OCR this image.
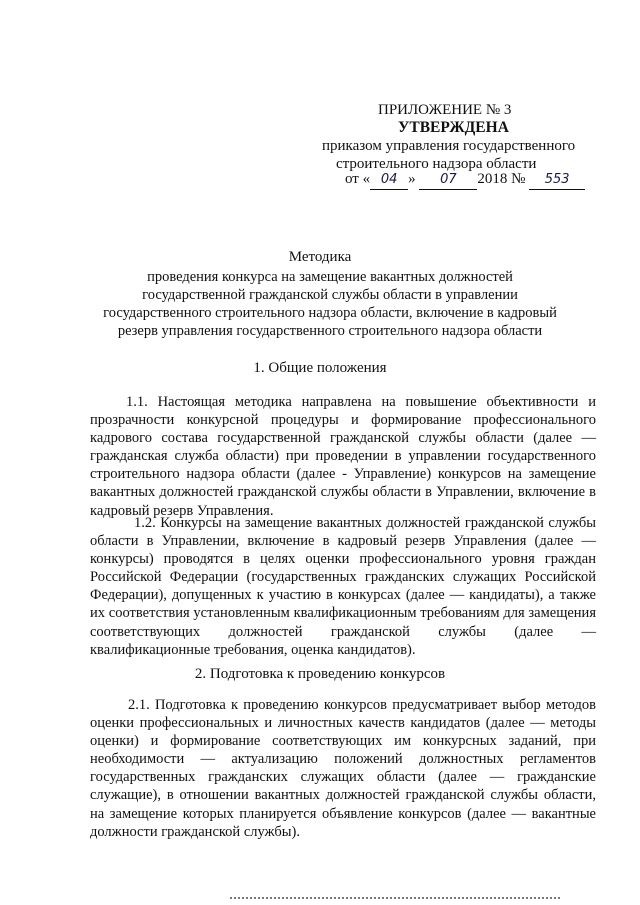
ПРИЛОЖЕНИЕ № 3
УТВЕРЖДЕНА
приказом управления государственного
строительного надзора области
от « 04 » 07 2018 № 553
Методика
проведения конкурса на замещение вакантных должностей
государственной гражданской службы области в управлении
государственного строительного надзора области, включение в кадровый
резерв управления государственного строительного надзора области
1. Общие положения
1.1. Настоящая методика направлена на повышение объективности и прозрачности конкурсной процедуры и формирование профессионального кадрового состава государственной гражданской службы области (далее — гражданская служба области) при проведении в управлении государственного строительного надзора области (далее - Управление) конкурсов на замещение вакантных должностей гражданской службы области в Управлении, включение в кадровый резерв Управления.
1.2. Конкурсы на замещение вакантных должностей гражданской службы области в Управлении, включение в кадровый резерв Управления (далее — конкурсы) проводятся в целях оценки профессионального уровня граждан Российской Федерации (государственных гражданских служащих Российской Федерации), допущенных к участию в конкурсах (далее — кандидаты), а также их соответствия установленным квалификационным требованиям для замещения соответствующих должностей гражданской службы (далее — квалификационные требования, оценка кандидатов).
2. Подготовка к проведению конкурсов
2.1. Подготовка к проведению конкурсов предусматривает выбор методов оценки профессиональных и личностных качеств кандидатов (далее — методы оценки) и формирование соответствующих им конкурсных заданий, при необходимости — актуализацию положений должностных регламентов государственных гражданских служащих области (далее — гражданские служащие), в отношении вакантных должностей гражданской службы области, на замещение которых планируется объявление конкурсов (далее — вакантные должности гражданской службы).
